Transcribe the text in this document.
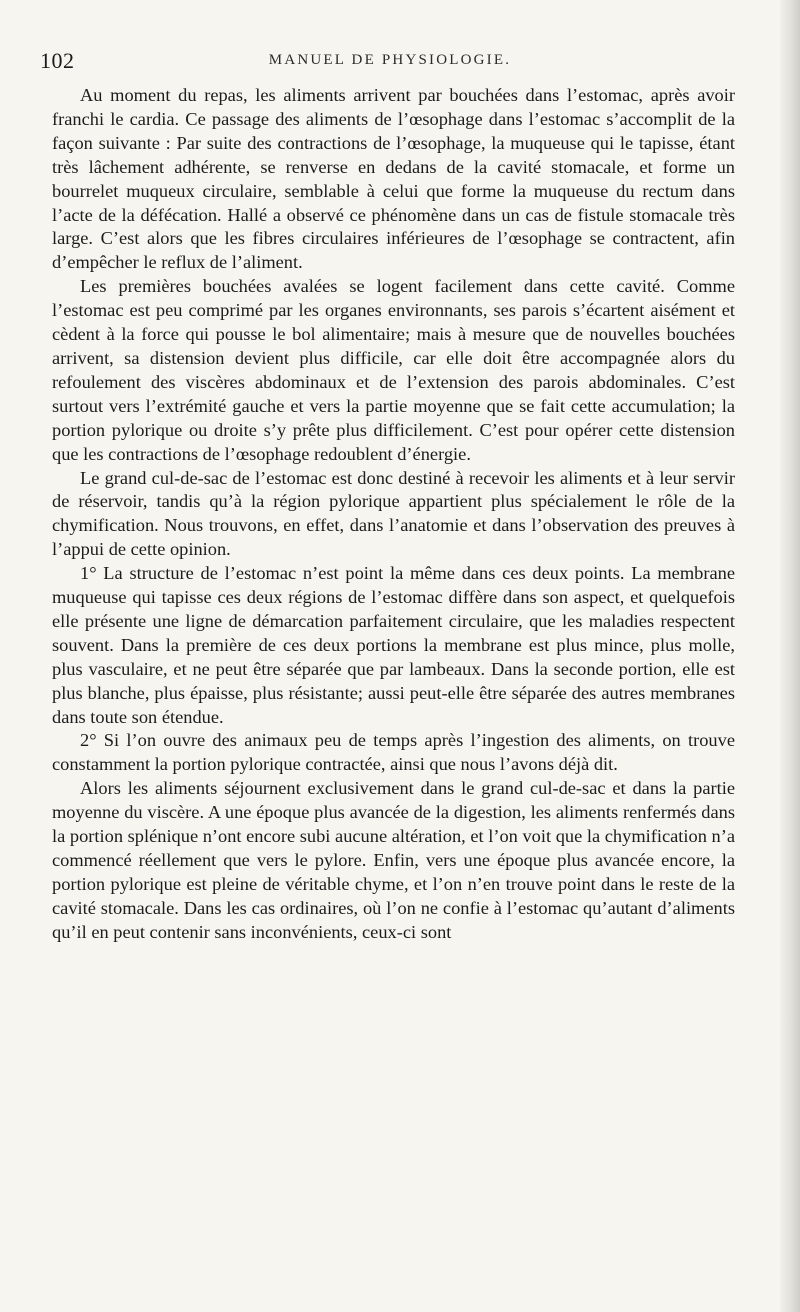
102	MANUEL DE PHYSIOLOGIE.

Au moment du repas, les aliments arrivent par bouchées dans l’estomac, après avoir franchi le cardia. Ce passage des aliments de l’œsophage dans l’estomac s’accomplit de la façon suivante : Par suite des contractions de l’œsophage, la muqueuse qui le tapisse, étant très lâchement adhérente, se renverse en dedans de la cavité stomacale, et forme un bourrelet muqueux circulaire, semblable à celui que forme la muqueuse du rectum dans l’acte de la défécation. Hallé a observé ce phénomène dans un cas de fistule stomacale très large. C’est alors que les fibres circulaires inférieures de l’œsophage se contractent, afin d’empêcher le reflux de l’aliment.

Les premières bouchées avalées se logent facilement dans cette cavité. Comme l’estomac est peu comprimé par les organes environnants, ses parois s’écartent aisément et cèdent à la force qui pousse le bol alimentaire; mais à mesure que de nouvelles bouchées arrivent, sa distension devient plus difficile, car elle doit être accompagnée alors du refoulement des viscères abdominaux et de l’extension des parois abdominales. C’est surtout vers l’extrémité gauche et vers la partie moyenne que se fait cette accumulation; la portion pylorique ou droite s’y prête plus difficilement. C’est pour opérer cette distension que les contractions de l’œsophage redoublent d’énergie.

Le grand cul-de-sac de l’estomac est donc destiné à recevoir les aliments et à leur servir de réservoir, tandis qu’à la région pylorique appartient plus spécialement le rôle de la chymification. Nous trouvons, en effet, dans l’anatomie et dans l’observation des preuves à l’appui de cette opinion.

1° La structure de l’estomac n’est point la même dans ces deux points. La membrane muqueuse qui tapisse ces deux régions de l’estomac diffère dans son aspect, et quelquefois elle présente une ligne de démarcation parfaitement circulaire, que les maladies respectent souvent. Dans la première de ces deux portions la membrane est plus mince, plus molle, plus vasculaire, et ne peut être séparée que par lambeaux. Dans la seconde portion, elle est plus blanche, plus épaisse, plus résistante; aussi peut-elle être séparée des autres membranes dans toute son étendue.

2° Si l’on ouvre des animaux peu de temps après l’ingestion des aliments, on trouve constamment la portion pylorique contractée, ainsi que nous l’avons déjà dit.

Alors les aliments séjournent exclusivement dans le grand cul-de-sac et dans la partie moyenne du viscère. A une époque plus avancée de la digestion, les aliments renfermés dans la portion splénique n’ont encore subi aucune altération, et l’on voit que la chymification n’a commencé réellement que vers le pylore. Enfin, vers une époque plus avancée encore, la portion pylorique est pleine de véritable chyme, et l’on n’en trouve point dans le reste de la cavité stomacale. Dans les cas ordinaires, où l’on ne confie à l’estomac qu’autant d’aliments qu’il en peut contenir sans inconvénients, ceux-ci sont
